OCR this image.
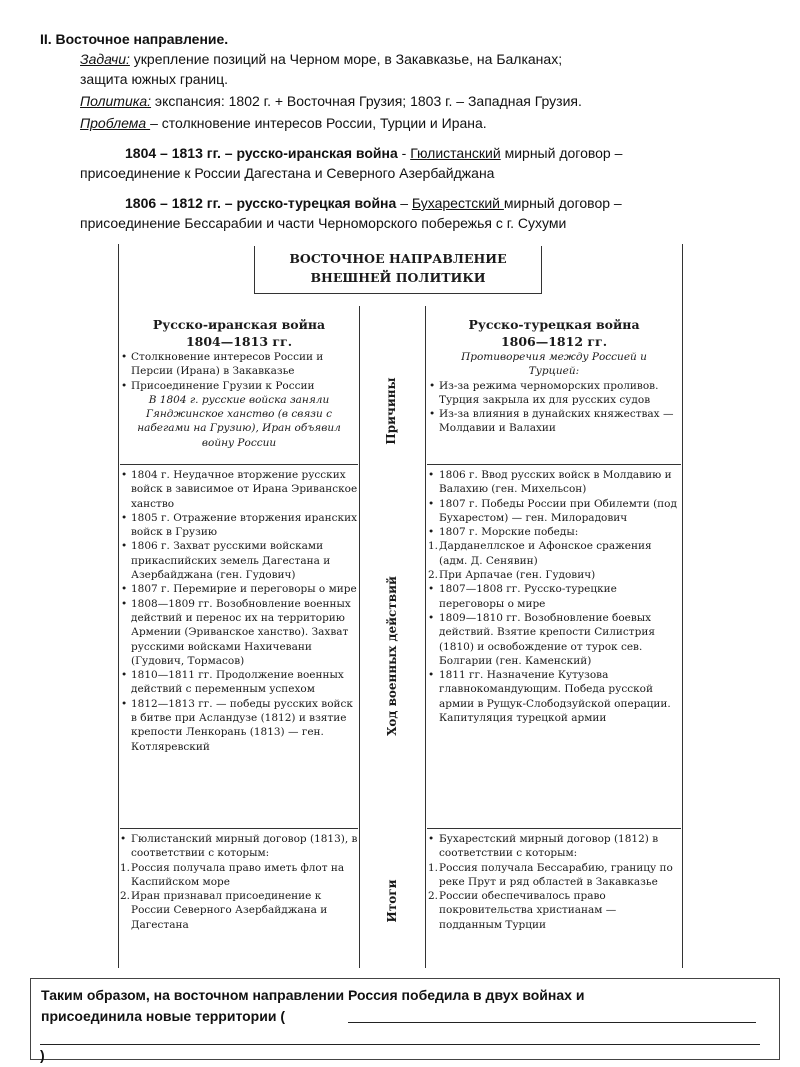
II. Восточное направление.
Задачи: укрепление позиций на Черном море, в Закавказье, на Балканах;
защита южных границ.
Политика: экспансия: 1802 г. + Восточная Грузия; 1803 г. – Западная Грузия.
Проблема – столкновение интересов России, Турции и Ирана.
1804 – 1813 гг. – русско-иранская война - Гюлистанский мирный договор –
присоединение к России Дагестана и Северного Азербайджана
1806 – 1812 гг. – русско-турецкая война – Бухарестский мирный договор –
присоединение Бессарабии и части Черноморского побережья с г. Сухуми
ВОСТОЧНОЕ НАПРАВЛЕНИЕ
ВНЕШНЕЙ ПОЛИТИКИ
Русско-иранская война
1804—1813 гг.
Русско-турецкая война
1806—1812 гг.
• Столкновение интересов России и Персии (Ирана) в Закавказье
• Присоединение Грузии к России
В 1804 г. русские войска заняли Гянджинское ханство (в связи с набегами на Грузию), Иран объявил войну России	Причины
Противоречия между Россией и Турцией:
• Из-за режима черноморских проливов. Турция закрыла их для русских судов
• Из-за влияния в дунайских княжествах — Молдавии и Валахии
• 1804 г. Неудачное вторжение русских войск в зависимое от Ирана Эриванское ханство
• 1805 г. Отражение вторжения иранских войск в Грузию
• 1806 г. Захват русскими войсками прикаспийских земель Дагестана и Азербайджана (ген. Гудович)
• 1807 г. Перемирие и переговоры о мире
• 1808—1809 гг. Возобновление военных действий и перенос их на территорию Армении (Эриванское ханство). Захват русскими войсками Нахичевани (Гудович, Тормасов)
• 1810—1811 гг. Продолжение военных действий с переменным успехом
• 1812—1813 гг. — победы русских войск в битве при Асландузе (1812) и взятие крепости Ленкорань (1813) — ген. Котляревский
Ход военных действий
• 1806 г. Ввод русских войск в Молдавию и Валахию (ген. Михельсон)
• 1807 г. Победы России при Обилемти (под Бухарестом) — ген. Милорадович
• 1807 г. Морские победы:
1. Дарданеллское и Афонское сражения (адм. Д. Сенявин)
2. При Арпачае (ген. Гудович)
• 1807—1808 гг. Русско-турецкие переговоры о мире
• 1809—1810 гг. Возобновление боевых действий. Взятие крепости Силистрия (1810) и освобождение от турок сев. Болгарии (ген. Каменский)
• 1811 гг. Назначение Кутузова главнокомандующим. Победа русской армии в Рущук-Слободзуйской операции. Капитуляция турецкой армии
• Гюлистанский мирный договор (1813), в соответствии с которым:
1. Россия получала право иметь флот на Каспийском море
2. Иран признавал присоединение к России Северного Азербайджана и Дагестана
Итоги
• Бухарестский мирный договор (1812) в соответствии с которым:
1. Россия получала Бессарабию, границу по реке Прут и ряд областей в Закавказье
2. России обеспечивалось право покровительства христианам — подданным Турции
Таким образом, на восточном направлении Россия победила в двух войнах и
присоединила новые территории (
)
